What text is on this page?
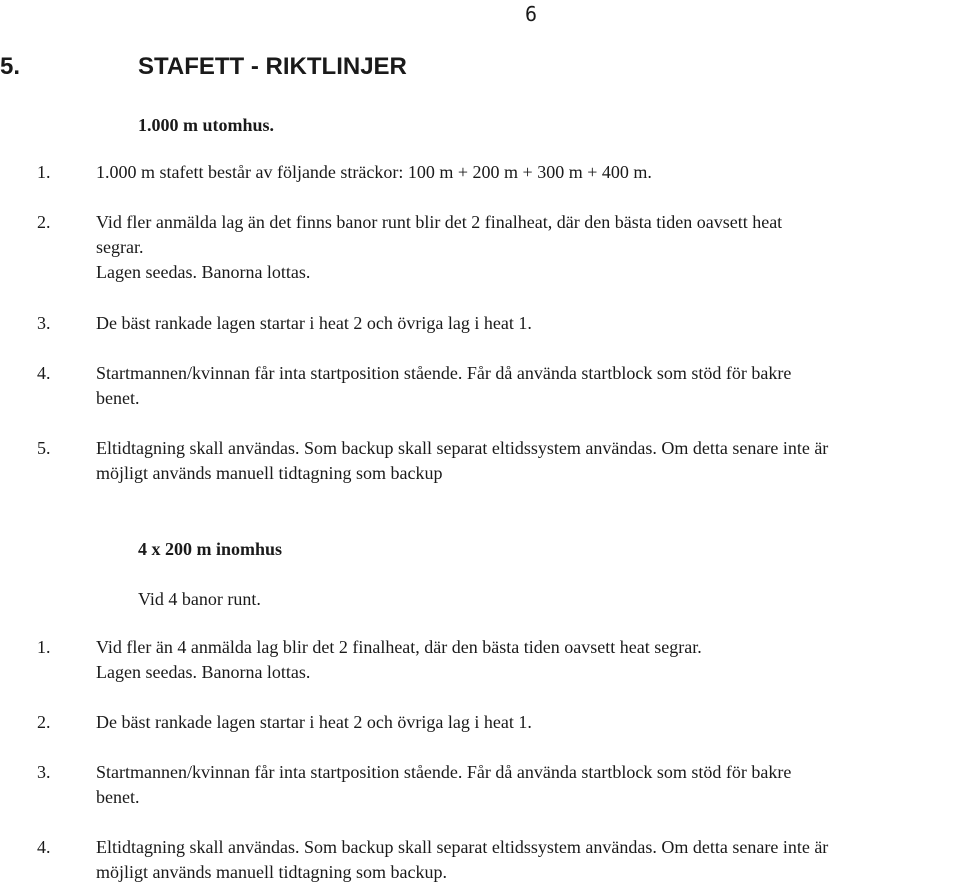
6
5.	STAFETT - RIKTLINJER
1.000 m utomhus.
1.	1.000 m stafett består av följande sträckor: 100 m + 200 m + 300 m + 400 m.
2.	Vid fler anmälda lag än det finns banor runt blir det 2 finalheat, där den bästa tiden oavsett heat
segrar.
Lagen seedas. Banorna lottas.
3.	De bäst rankade lagen startar i heat 2 och övriga lag i heat 1.
4.	Startmannen/kvinnan får inta startposition stående. Får då använda startblock som stöd för bakre
benet.
5.	Eltidtagning skall användas. Som backup skall separat eltidssystem användas. Om detta senare inte är
möjligt används manuell tidtagning som backup
4 x 200 m inomhus
Vid 4 banor runt.
1.	Vid fler än 4 anmälda lag blir det 2 finalheat, där den bästa tiden oavsett heat segrar.
Lagen seedas. Banorna lottas.
2.	De bäst rankade lagen startar i heat 2 och övriga lag i heat 1.
3.	Startmannen/kvinnan får inta startposition stående. Får då använda startblock som stöd för bakre
benet.
4.	Eltidtagning skall användas. Som backup skall separat eltidssystem användas. Om detta senare inte är
möjligt används manuell tidtagning som backup.
